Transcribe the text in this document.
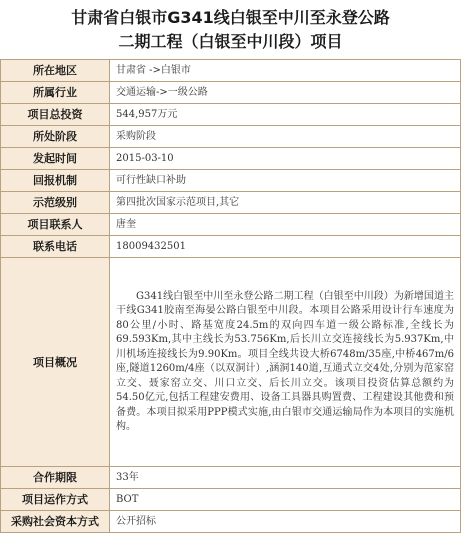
甘肃省白银市G341线白银至中川至永登公路
二期工程（白银至中川段）项目
所在地区	甘肃省 ->白银市
所属行业	交通运输->一级公路
项目总投资	544,957万元
所处阶段	采购阶段
发起时间	2015-03-10
回报机制	可行性缺口补助
示范级别	第四批次国家示范项目,其它
项目联系人	唐奎
联系电话	18009432501
项目概况	G341线白银至中川至永登公路二期工程（白银至中川段）为新增国道主干线G341胶南至海晏公路白银至中川段。本项目公路采用设计行车速度为80公里/小时、路基宽度24.5m的双向四车道一级公路标准,全线长为69.593Km,其中主线长为53.756Km,后长川立交连接线长为5.937Km,中川机场连接线长为9.90Km。项目全线共设大桥6748m/35座,中桥467m/6座,隧道1260m/4座（以双洞计）,涵洞140道,互通式立交4处,分别为范家窑立交、聂家窑立交、川口立交、后长川立交。该项目投资估算总额约为54.50亿元,包括工程建安费用、设备工具器具购置费、工程建设其他费和预备费。本项目拟采用PPP模式实施,由白银市交通运输局作为本项目的实施机构。

合作期限	33年
项目运作方式	BOT
采购社会资本方式	公开招标
